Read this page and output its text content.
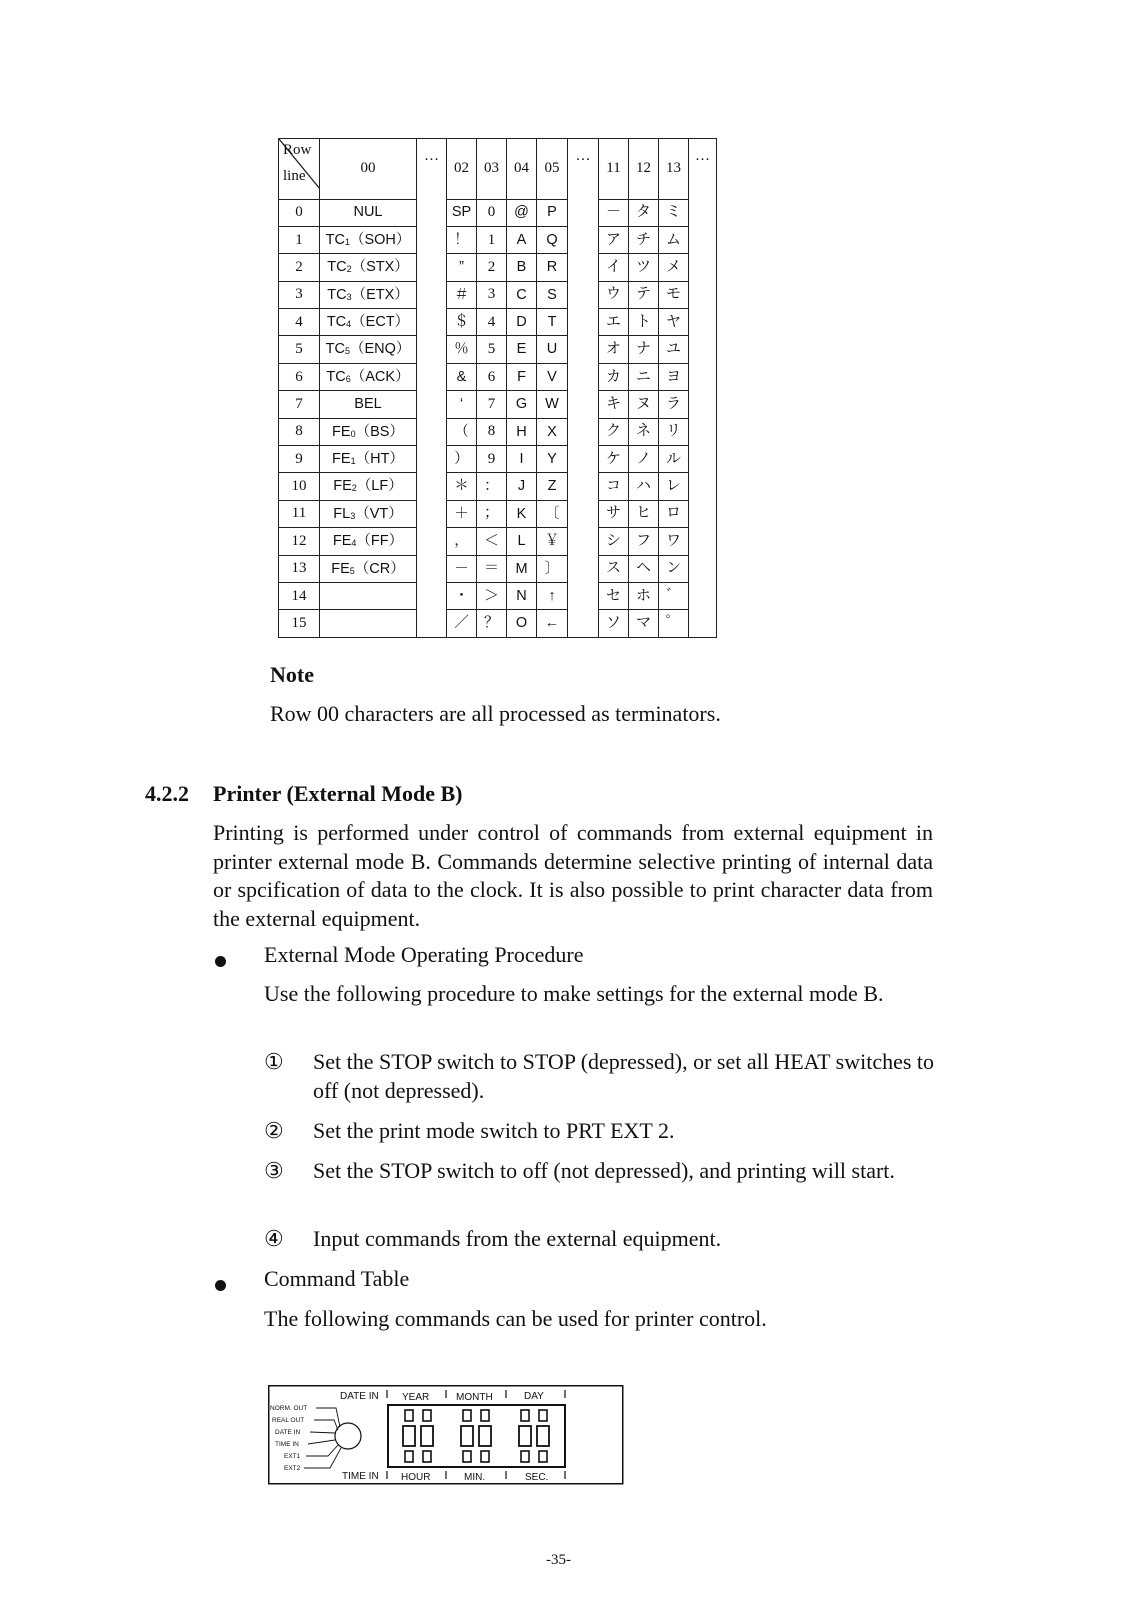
Row
line	00	…	02	03	04	05	…	11	12	13	…
0	NUL		SP	0	@	P		－	タ	ミ	
1	$TC_1(SOH)$		！	1	A	Q		ア	チ	ム	
2	$TC_2(STX)$		”	2	B	R		イ	ツ	メ	
3	$TC_3(ETX)$		＃	3	C	S		ウ	テ	モ	
4	$TC_4(ECT)$		＄	4	D	T		エ	ト	ヤ	
5	$TC_5(ENQ)$		％	5	E	U		オ	ナ	ユ	
6	$TC_6(ACK)$		&	6	F	V		カ	ニ	ヨ	
7	BEL		‘	7	G	W		キ	ヌ	ラ	
8	$FE_0(BS)$		（	8	H	X		ク	ネ	リ	
9	$FE_1(HT)$		）	9	I	Y		ケ	ノ	ル	
10	$FE_2(LF)$		＊	：	J	Z		コ	ハ	レ	
11	$FL_3(VT)$		＋	；	K	〔		サ	ヒ	ロ	
12	$FE_4(FF)$		，	＜	L	￥		シ	フ	ワ	
13	$FE_5(CR)$		－	＝	M	〕		ス	ヘ	ン	
14			・	＞	N	↑		セ	ホ	゛	
15			／	？	O	←		ソ	マ	゜	
Note
Row 00 characters are all processed as terminators.
4.2.2 Printer (External Mode B)
Printing is performed under control of commands from external equipment in printer external mode B. Commands determine selective printing of internal data or spcification of data to the clock. It is also possible to print character data from the external equipment.
External Mode Operating Procedure
Use the following procedure to make settings for the external mode B.
① Set the STOP switch to STOP (depressed), or set all HEAT switches to off (not depressed).
② Set the print mode switch to PRT EXT 2.
③ Set the STOP switch to off (not depressed), and printing will start.
④ Input commands from the external equipment.
Command Table
The following commands can be used for printer control.
NORM. OUT
REAL OUT
DATE IN
TIME IN
EXT1
EXT2
DATE IN
TIME IN
YEAR	MONTH	DAY
HOUR	MIN.	SEC.
-35-
